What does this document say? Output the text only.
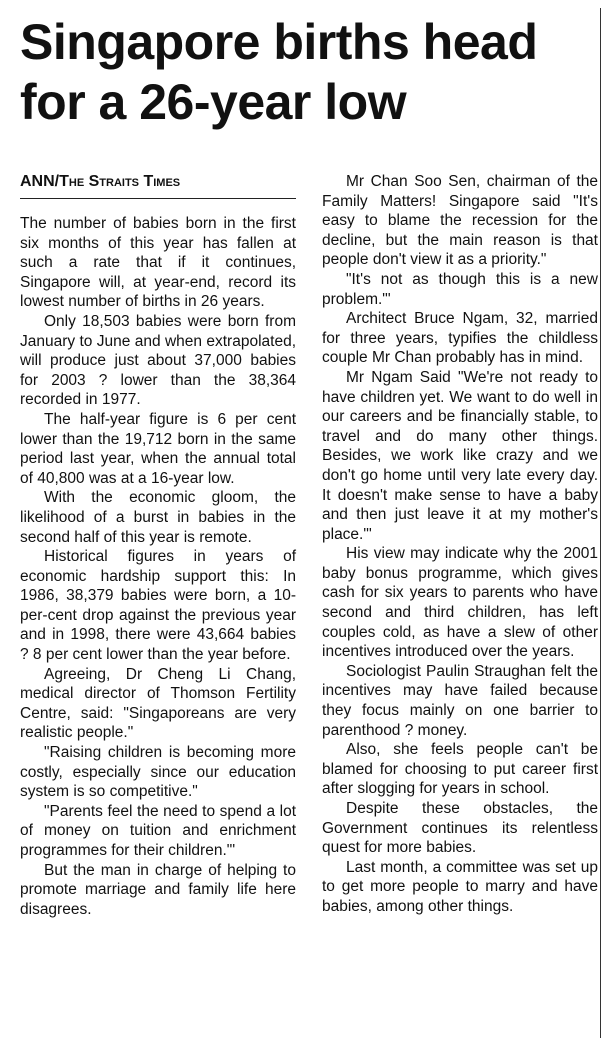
Singapore births head
for a 26-year low
ANN/The Straits Times

The number of babies born in the first six months of this year has fallen at such a rate that if it continues, Singapore will, at year-end, record its lowest number of births in 26 years.

Only 18,503 babies were born from January to June and when extrapolated, will produce just about 37,000 babies for 2003 ? lower than the 38,364 recorded in 1977.

The half-year figure is 6 per cent lower than the 19,712 born in the same period last year, when the annual total of 40,800 was at a 16-year low.

With the economic gloom, the likelihood of a burst in babies in the second half of this year is remote.

Historical figures in years of economic hardship support this: In 1986, 38,379 babies were born, a 10-per-cent drop against the previous year and in 1998, there were 43,664 babies ? 8 per cent lower than the year before.

Agreeing, Dr Cheng Li Chang, medical director of Thomson Fertility Centre, said: "Singaporeans are very realistic people."

"Raising children is becoming more costly, especially since our education system is so competitive."

"Parents feel the need to spend a lot of money on tuition and enrichment programmes for their children."'

But the man in charge of helping to promote marriage and family life here disagrees.

Mr Chan Soo Sen, chairman of the Family Matters! Singapore said "It's easy to blame the recession for the decline, but the main reason is that people don't view it as a priority."

"It's not as though this is a new problem."'

Architect Bruce Ngam, 32, married for three years, typifies the childless couple Mr Chan probably has in mind.

Mr Ngam Said "We're not ready to have children yet. We want to do well in our careers and be financially stable, to travel and do many other things. Besides, we work like crazy and we don't go home until very late every day. It doesn't make sense to have a baby and then just leave it at my mother's place."'

His view may indicate why the 2001 baby bonus programme, which gives cash for six years to parents who have second and third children, has left couples cold, as have a slew of other incentives introduced over the years.

Sociologist Paulin Straughan felt the incentives may have failed because they focus mainly on one barrier to parenthood ? money.

Also, she feels people can't be blamed for choosing to put career first after slogging for years in school.

Despite these obstacles, the Government continues its relentless quest for more babies.

Last month, a committee was set up to get more people to marry and have babies, among other things.
